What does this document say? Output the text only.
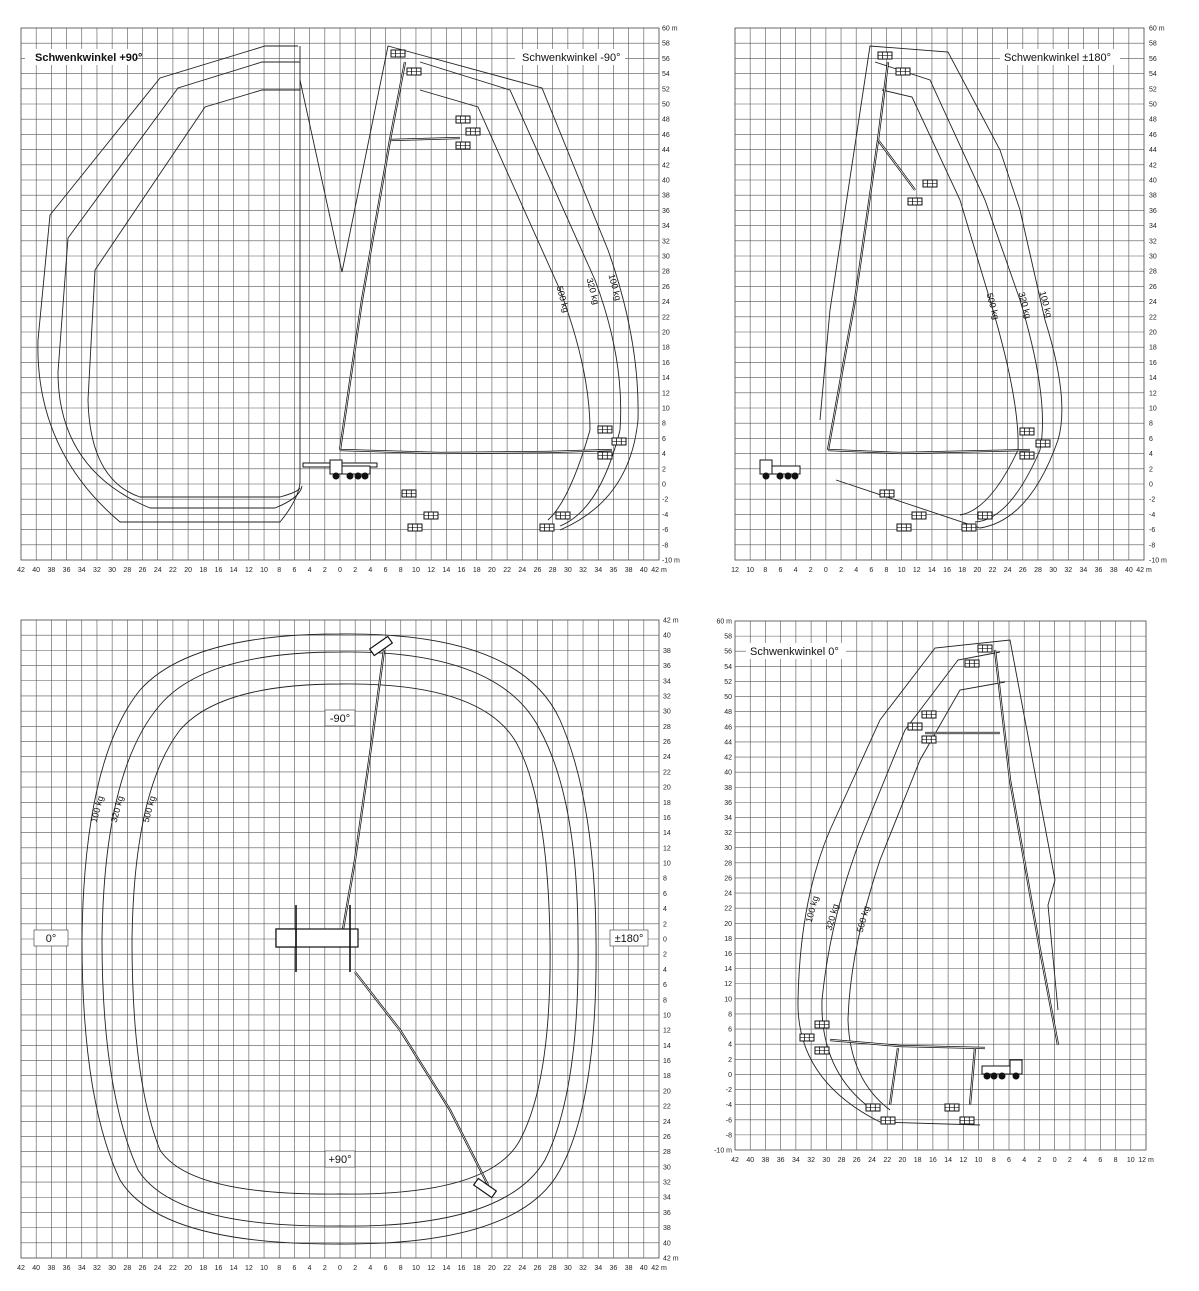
42 40 38 36 34 32 30 28 26 24 22 20 18 16 14 12 10 8 6 4 2 0 2 4 6 8 10 12 14 16 18 20 22 24 26 28 30 32 34 36 38 40 42 m
60 m
58
56
54
52
50
48
46
44
42
40
38
36
34
32
30
28
26
24
22
20
18
16
14
12
10
8
6
4
2
0
-2
-4
-6
-8
-10 m
Schwenkwinkel +90°	Schwenkwinkel -90°
500 kg 320 kg 100 kg
12 10 8 6 4 2 0 2 4 6 8 10 12 14 16 18 20 22 24 26 28 30 32 34 36 38 40 42 m
60 m
58
56
54
52
50
48
46
44
42
40
38
36
34
32
30
28
26
24
22
20
18
16
14
12
10
8
6
4
2
0
-2
-4
-6
-8
-10 m
Schwenkwinkel ±180°
500 kg 320 kg 100 kg
42 40 38 36 34 32 30 28 26 24 22 20 18 16 14 12 10 8 6 4 2 0 2 4 6 8 10 12 14 16 18 20 22 24 26 28 30 32 34 36 38 40 42 m
42 m
40
38
36
34
32
30
28
26
24
22
20
18
16
14
12
10
8
6
4
2
0
2
4
6
8
10
12
14
16
18
20
22
24
26
28
30
32
34
36
38
40
42 m
0°	±180°
-90°
+90°
100 kg 320 kg 500 kg
42 40 38 36 34 32 30 28 26 24 22 20 18 16 14 12 10 8 6 4 2 0 2 4 6 8 10 12 m
60 m
58
56
54
52
50
48
46
44
42
40
38
36
34
32
30
28
26
24
22
20
18
16
14
12
10
8
6
4
2
0
-2
-4
-6
-8
-10 m
Schwenkwinkel 0°
100 kg 320 kg 500 kg
